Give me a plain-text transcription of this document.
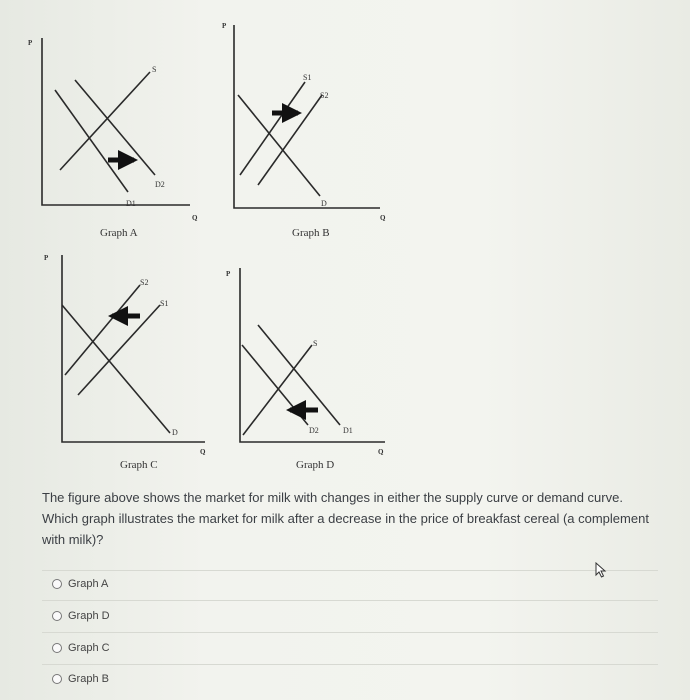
P
Q
S
D1
D2
Graph A
P
Q
S1
S2
D
Graph B
P
Q
S2
S1
D
Graph C
P
Q
S
D2	D1
Graph D
The figure above shows the market for milk with changes in either the supply curve or demand curve. Which graph illustrates the market for milk after a decrease in the price of breakfast cereal (a complement with milk)?
Graph A
Graph D
Graph C
Graph B
